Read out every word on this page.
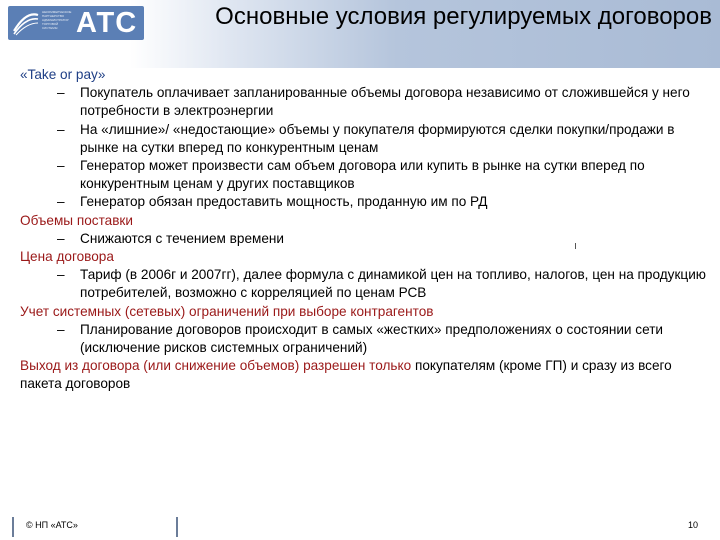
НЕКОММЕРЧЕСКОЕ ПАРТНЕРСТВО АДМИНИСТРАТОР ТОРГОВОЙ СИСТЕМЫ АТС	Основные условия регулируемых договоров

«Take or pay»

– Покупатель оплачивает запланированные объемы договора независимо от сложившейся у него потребности в электроэнергии

– На «лишние»/ «недостающие» объемы у покупателя формируются сделки покупки/продажи в рынке на сутки вперед по конкурентным ценам

– Генератор может произвести сам объем договора или купить в рынке на сутки вперед по конкурентным ценам у других поставщиков

– Генератор обязан предоставить мощность, проданную им по РД

Объемы поставки

– Снижаются с течением времени

Цена договора

– Тариф (в 2006г и 2007гг), далее формула с динамикой цен на топливо, налогов, цен на продукцию потребителей, возможно с корреляцией по ценам РСВ

Учет системных (сетевых) ограничений при выборе контрагентов

– Планирование договоров происходит в самых «жестких» предположениях о состоянии сети (исключение рисков системных ограничений)

Выход из договора (или снижение объемов) разрешен только покупателям (кроме ГП) и сразу из всего пакета договоров

© НП «АТС»	10
